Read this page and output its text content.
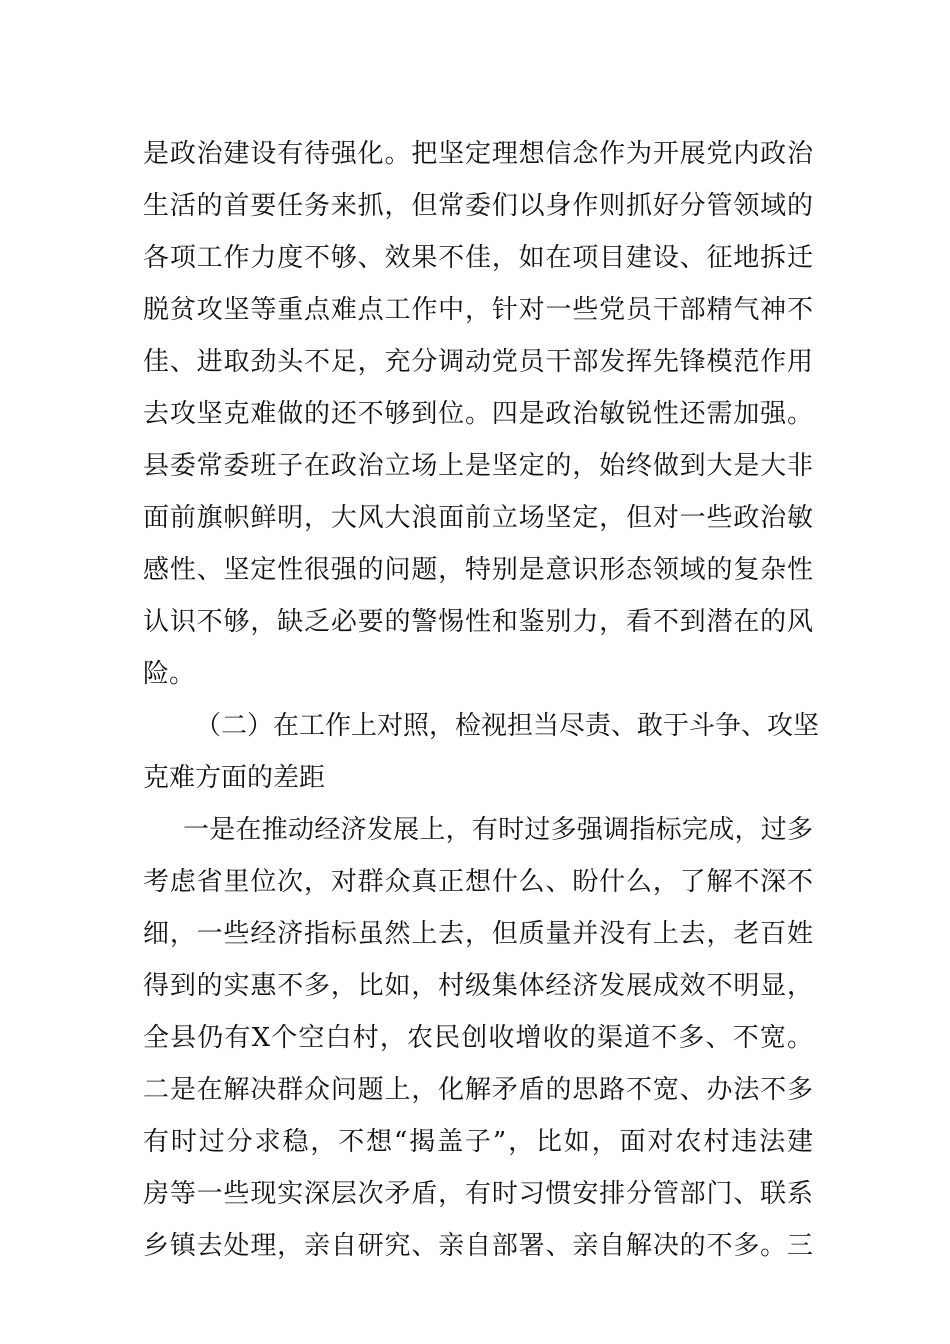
是政治建设有待强化。把坚定理想信念作为开展党内政治
生活的首要任务来抓，但常委们以身作则抓好分管领域的
各项工作力度不够、效果不佳，如在项目建设、征地拆迁
脱贫攻坚等重点难点工作中，针对一些党员干部精气神不
佳、进取劲头不足，充分调动党员干部发挥先锋模范作用
去攻坚克难做的还不够到位。四是政治敏锐性还需加强。
县委常委班子在政治立场上是坚定的，始终做到大是大非
面前旗帜鲜明，大风大浪面前立场坚定，但对一些政治敏
感性、坚定性很强的问题，特别是意识形态领域的复杂性
认识不够，缺乏必要的警惕性和鉴别力，看不到潜在的风
险。
（二）在工作上对照，检视担当尽责、敢于斗争、攻坚
克难方面的差距
一是在推动经济发展上，有时过多强调指标完成，过多
考虑省里位次，对群众真正想什么、盼什么，了解不深不
细，一些经济指标虽然上去，但质量并没有上去，老百姓
得到的实惠不多，比如，村级集体经济发展成效不明显，
全县仍有X个空白村，农民创收增收的渠道不多、不宽。
二是在解决群众问题上，化解矛盾的思路不宽、办法不多
有时过分求稳，不想“揭盖子”，比如，面对农村违法建
房等一些现实深层次矛盾，有时习惯安排分管部门、联系
乡镇去处理，亲自研究、亲自部署、亲自解决的不多。三
